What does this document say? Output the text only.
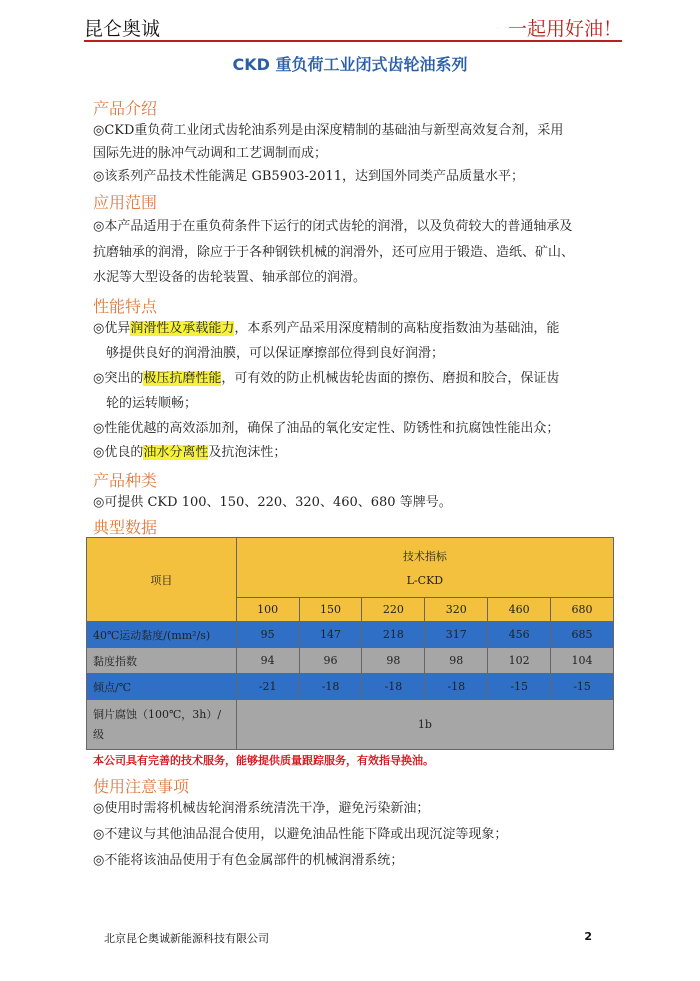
昆仑奥诚	一起用好油！
CKD 重负荷工业闭式齿轮油系列
产品介绍
◎CKD重负荷工业闭式齿轮油系列是由深度精制的基础油与新型高效复合剂，采用
国际先进的脉冲气动调和工艺调制而成；
◎该系列产品技术性能满足 GB5903-2011，达到国外同类产品质量水平；
应用范围
◎本产品适用于在重负荷条件下运行的闭式齿轮的润滑，以及负荷较大的普通轴承及
抗磨轴承的润滑，除应于于各种钢铁机械的润滑外，还可应用于锻造、造纸、矿山、
水泥等大型设备的齿轮装置、轴承部位的润滑。
性能特点
◎优异润滑性及承载能力，本系列产品采用深度精制的高粘度指数油为基础油，能
够提供良好的润滑油膜，可以保证摩擦部位得到良好润滑；
◎突出的极压抗磨性能，可有效的防止机械齿轮齿面的擦伤、磨损和胶合，保证齿
轮的运转顺畅；
◎性能优越的高效添加剂，确保了油品的氧化安定性、防锈性和抗腐蚀性能出众；
◎优良的油水分离性及抗泡沫性；
产品种类
◎可提供 CKD 100、150、220、320、460、680 等牌号。
典型数据
项目	技术指标
L-CKD					

	100	150	220	320	460	680
40℃运动黏度/(mm²/s)	95	147	218	317	456	685
黏度指数	94	96	98	98	102	104
倾点/℃	-21	-18	-18	-18	-15	-15

铜片腐蚀（100℃，3h）/
级	1b					
本公司具有完善的技术服务，能够提供质量跟踪服务，有效指导换油。
使用注意事项
◎使用时需将机械齿轮润滑系统清洗干净，避免污染新油；
◎不建议与其他油品混合使用，以避免油品性能下降或出现沉淀等现象；
◎不能将该油品使用于有色金属部件的机械润滑系统；
北京昆仑奥诚新能源科技有限公司	2
